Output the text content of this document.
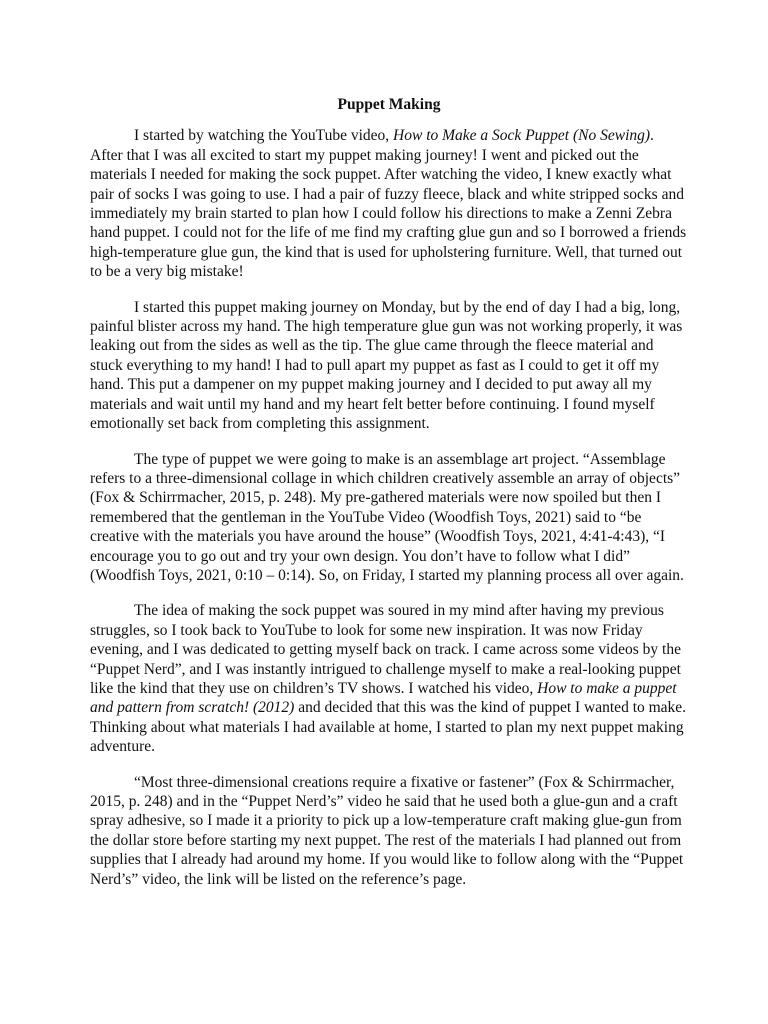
Puppet Making

I started by watching the YouTube video, How to Make a Sock Puppet (No Sewing). After that I was all excited to start my puppet making journey! I went and picked out the materials I needed for making the sock puppet. After watching the video, I knew exactly what pair of socks I was going to use. I had a pair of fuzzy fleece, black and white stripped socks and immediately my brain started to plan how I could follow his directions to make a Zenni Zebra hand puppet. I could not for the life of me find my crafting glue gun and so I borrowed a friends high-temperature glue gun, the kind that is used for upholstering furniture. Well, that turned out to be a very big mistake!

I started this puppet making journey on Monday, but by the end of day I had a big, long, painful blister across my hand. The high temperature glue gun was not working properly, it was leaking out from the sides as well as the tip. The glue came through the fleece material and stuck everything to my hand! I had to pull apart my puppet as fast as I could to get it off my hand. This put a dampener on my puppet making journey and I decided to put away all my materials and wait until my hand and my heart felt better before continuing. I found myself emotionally set back from completing this assignment.

The type of puppet we were going to make is an assemblage art project. “Assemblage refers to a three-dimensional collage in which children creatively assemble an array of objects” (Fox & Schirrmacher, 2015, p. 248). My pre-gathered materials were now spoiled but then I remembered that the gentleman in the YouTube Video (Woodfish Toys, 2021) said to “be creative with the materials you have around the house” (Woodfish Toys, 2021, 4:41-4:43), “I encourage you to go out and try your own design. You don’t have to follow what I did” (Woodfish Toys, 2021, 0:10 – 0:14). So, on Friday, I started my planning process all over again.

The idea of making the sock puppet was soured in my mind after having my previous struggles, so I took back to YouTube to look for some new inspiration. It was now Friday evening, and I was dedicated to getting myself back on track. I came across some videos by the “Puppet Nerd”, and I was instantly intrigued to challenge myself to make a real-looking puppet like the kind that they use on children’s TV shows. I watched his video, How to make a puppet and pattern from scratch! (2012) and decided that this was the kind of puppet I wanted to make. Thinking about what materials I had available at home, I started to plan my next puppet making adventure.

“Most three-dimensional creations require a fixative or fastener” (Fox & Schirrmacher, 2015, p. 248) and in the “Puppet Nerd’s” video he said that he used both a glue-gun and a craft spray adhesive, so I made it a priority to pick up a low-temperature craft making glue-gun from the dollar store before starting my next puppet. The rest of the materials I had planned out from supplies that I already had around my home. If you would like to follow along with the “Puppet Nerd’s” video, the link will be listed on the reference’s page.
